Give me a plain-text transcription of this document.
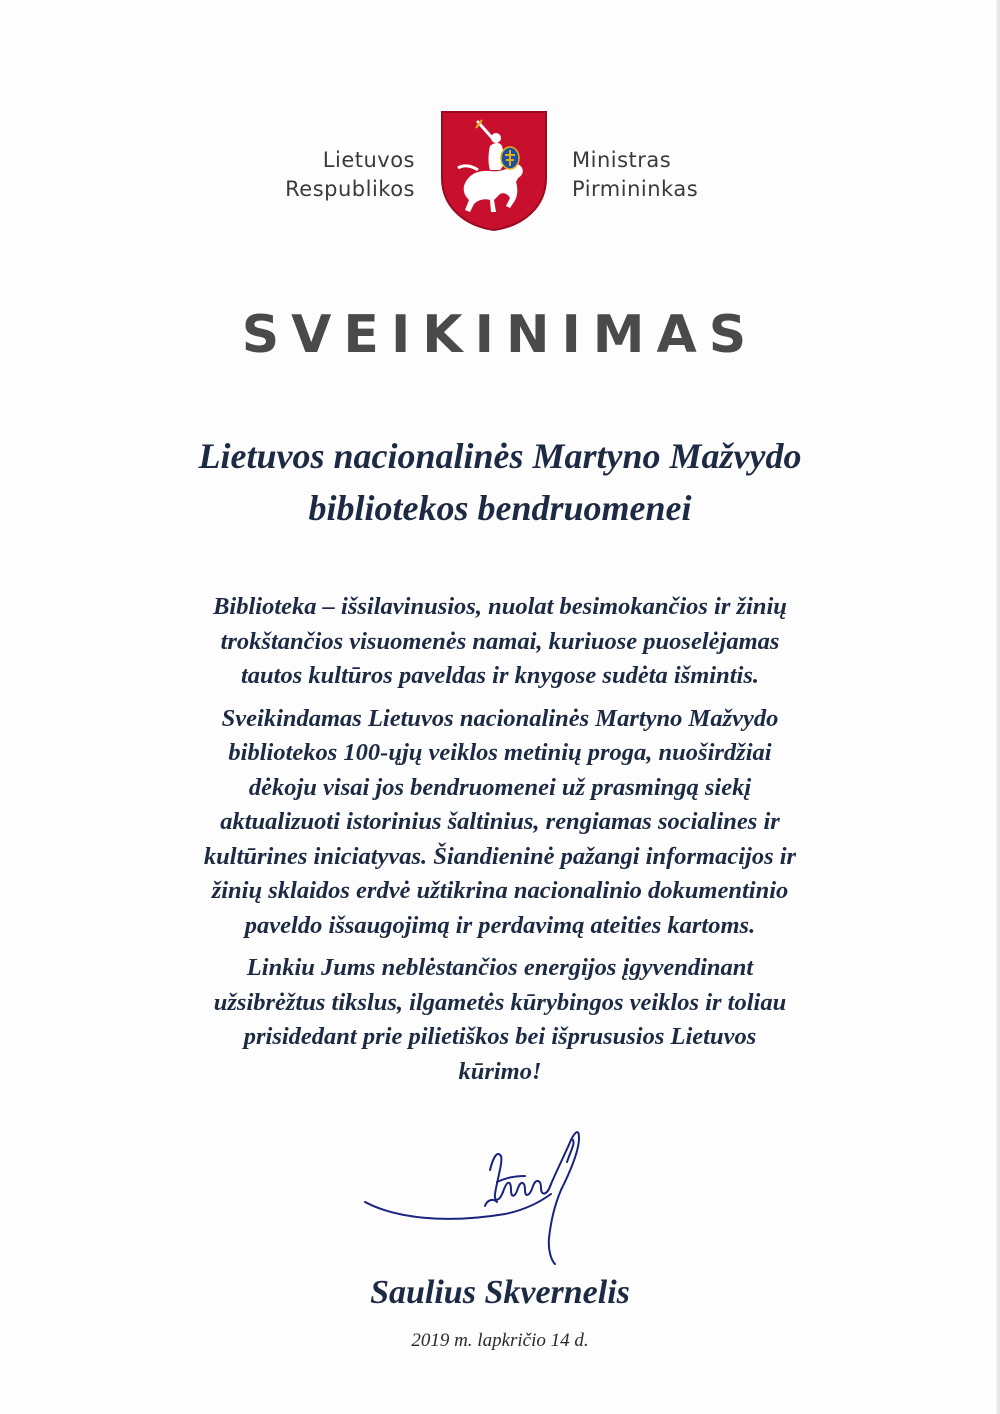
Lietuvos
Respublikos
Ministras
Pirmininkas
SVEIKINIMAS
Lietuvos nacionalinės Martyno Mažvydo
bibliotekos bendruomenei

Biblioteka – išsilavinusios, nuolat besimokančios ir žinių
trokštančios visuomenės namai, kuriuose puoselėjamas
tautos kultūros paveldas ir knygose sudėta išmintis.

Sveikindamas Lietuvos nacionalinės Martyno Mažvydo
bibliotekos 100-ųjų veiklos metinių proga, nuoširdžiai
dėkoju visai jos bendruomenei už prasmingą siekį
aktualizuoti istorinius šaltinius, rengiamas socialines ir
kultūrines iniciatyvas. Šiandieninė pažangi informacijos ir
žinių sklaidos erdvė užtikrina nacionalinio dokumentinio
paveldo išsaugojimą ir perdavimą ateities kartoms.

Linkiu Jums neblėstančios energijos įgyvendinant
užsibrėžtus tikslus, ilgametės kūrybingos veiklos ir toliau
prisidedant prie pilietiškos bei išprususios Lietuvos
kūrimo!

Saulius Skvernelis
2019 m. lapkričio 14 d.
